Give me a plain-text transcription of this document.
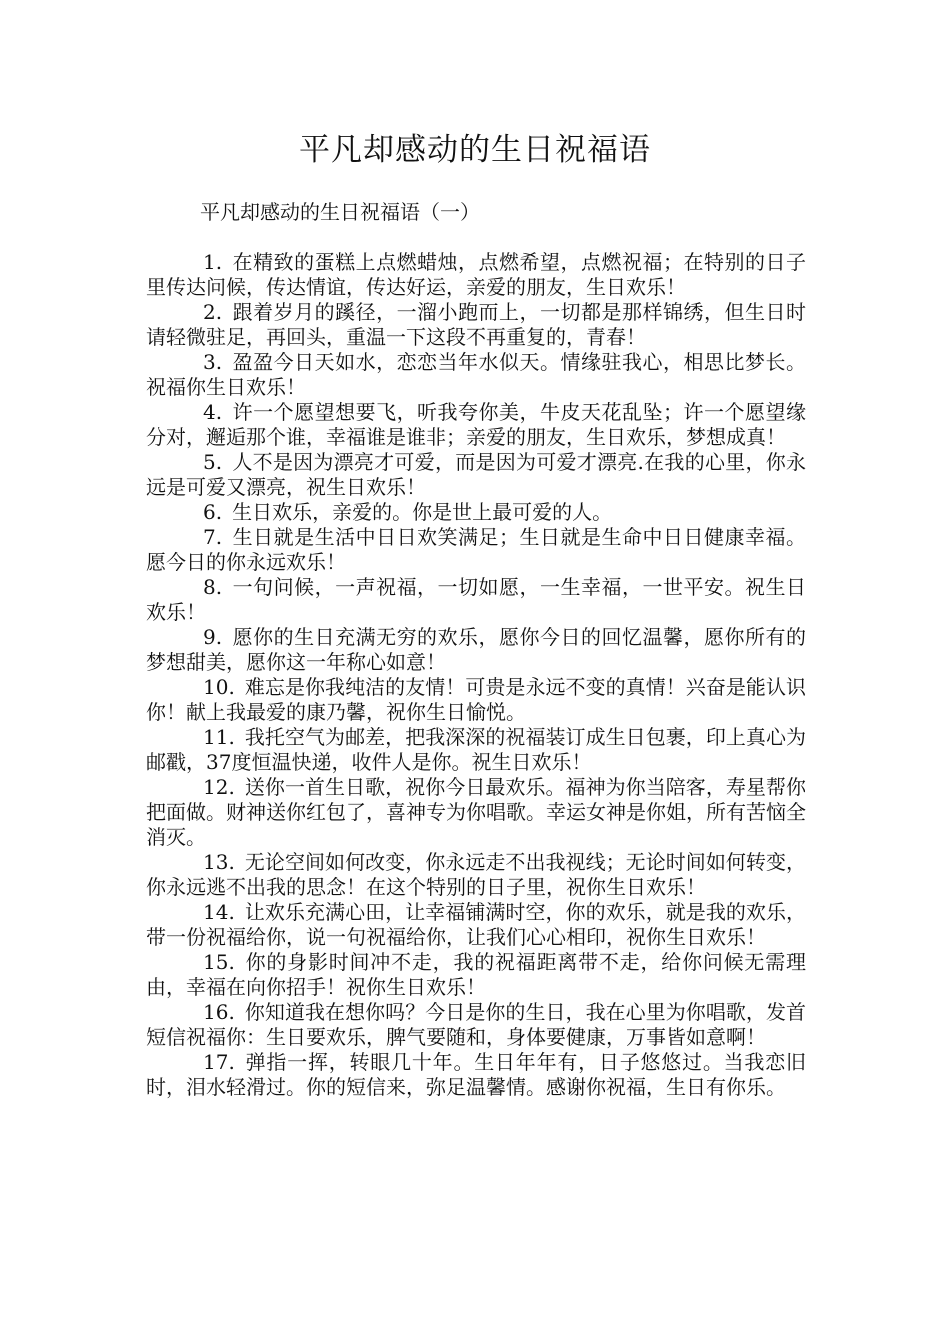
平凡却感动的生日祝福语

平凡却感动的生日祝福语（一）

1. 在精致的蛋糕上点燃蜡烛，点燃希望，点燃祝福；在特别的日子里传达问候，传达情谊，传达好运，亲爱的朋友，生日欢乐！

2. 跟着岁月的蹊径，一溜小跑而上，一切都是那样锦绣，但生日时请轻微驻足，再回头，重温一下这段不再重复的，青春！

3. 盈盈今日天如水，恋恋当年水似天。情缘驻我心，相思比梦长。祝福你生日欢乐！

4. 许一个愿望想要飞，听我夸你美，牛皮天花乱坠；许一个愿望缘分对，邂逅那个谁，幸福谁是谁非；亲爱的朋友，生日欢乐，梦想成真！

5. 人不是因为漂亮才可爱，而是因为可爱才漂亮.在我的心里，你永远是可爱又漂亮，祝生日欢乐！

6. 生日欢乐，亲爱的。你是世上最可爱的人。

7. 生日就是生活中日日欢笑满足；生日就是生命中日日健康幸福。愿今日的你永远欢乐！

8. 一句问候，一声祝福，一切如愿，一生幸福，一世平安。祝生日欢乐！

9. 愿你的生日充满无穷的欢乐，愿你今日的回忆温馨，愿你所有的梦想甜美，愿你这一年称心如意！

10. 难忘是你我纯洁的友情！可贵是永远不变的真情！兴奋是能认识你！献上我最爱的康乃馨，祝你生日愉悦。

11. 我托空气为邮差，把我深深的祝福装订成生日包裹，印上真心为邮戳，37度恒温快递，收件人是你。祝生日欢乐！

12. 送你一首生日歌，祝你今日最欢乐。福神为你当陪客，寿星帮你把面做。财神送你红包了，喜神专为你唱歌。幸运女神是你姐，所有苦恼全消灭。

13. 无论空间如何改变，你永远走不出我视线；无论时间如何转变，你永远逃不出我的思念！在这个特别的日子里，祝你生日欢乐！

14. 让欢乐充满心田，让幸福铺满时空，你的欢乐，就是我的欢乐，带一份祝福给你，说一句祝福给你，让我们心心相印，祝你生日欢乐！

15. 你的身影时间冲不走，我的祝福距离带不走，给你问候无需理由，幸福在向你招手！祝你生日欢乐！

16. 你知道我在想你吗？今日是你的生日，我在心里为你唱歌，发首短信祝福你：生日要欢乐，脾气要随和，身体要健康，万事皆如意啊！

17. 弹指一挥，转眼几十年。生日年年有，日子悠悠过。当我恋旧时，泪水轻滑过。你的短信来，弥足温馨情。感谢你祝福，生日有你乐。
